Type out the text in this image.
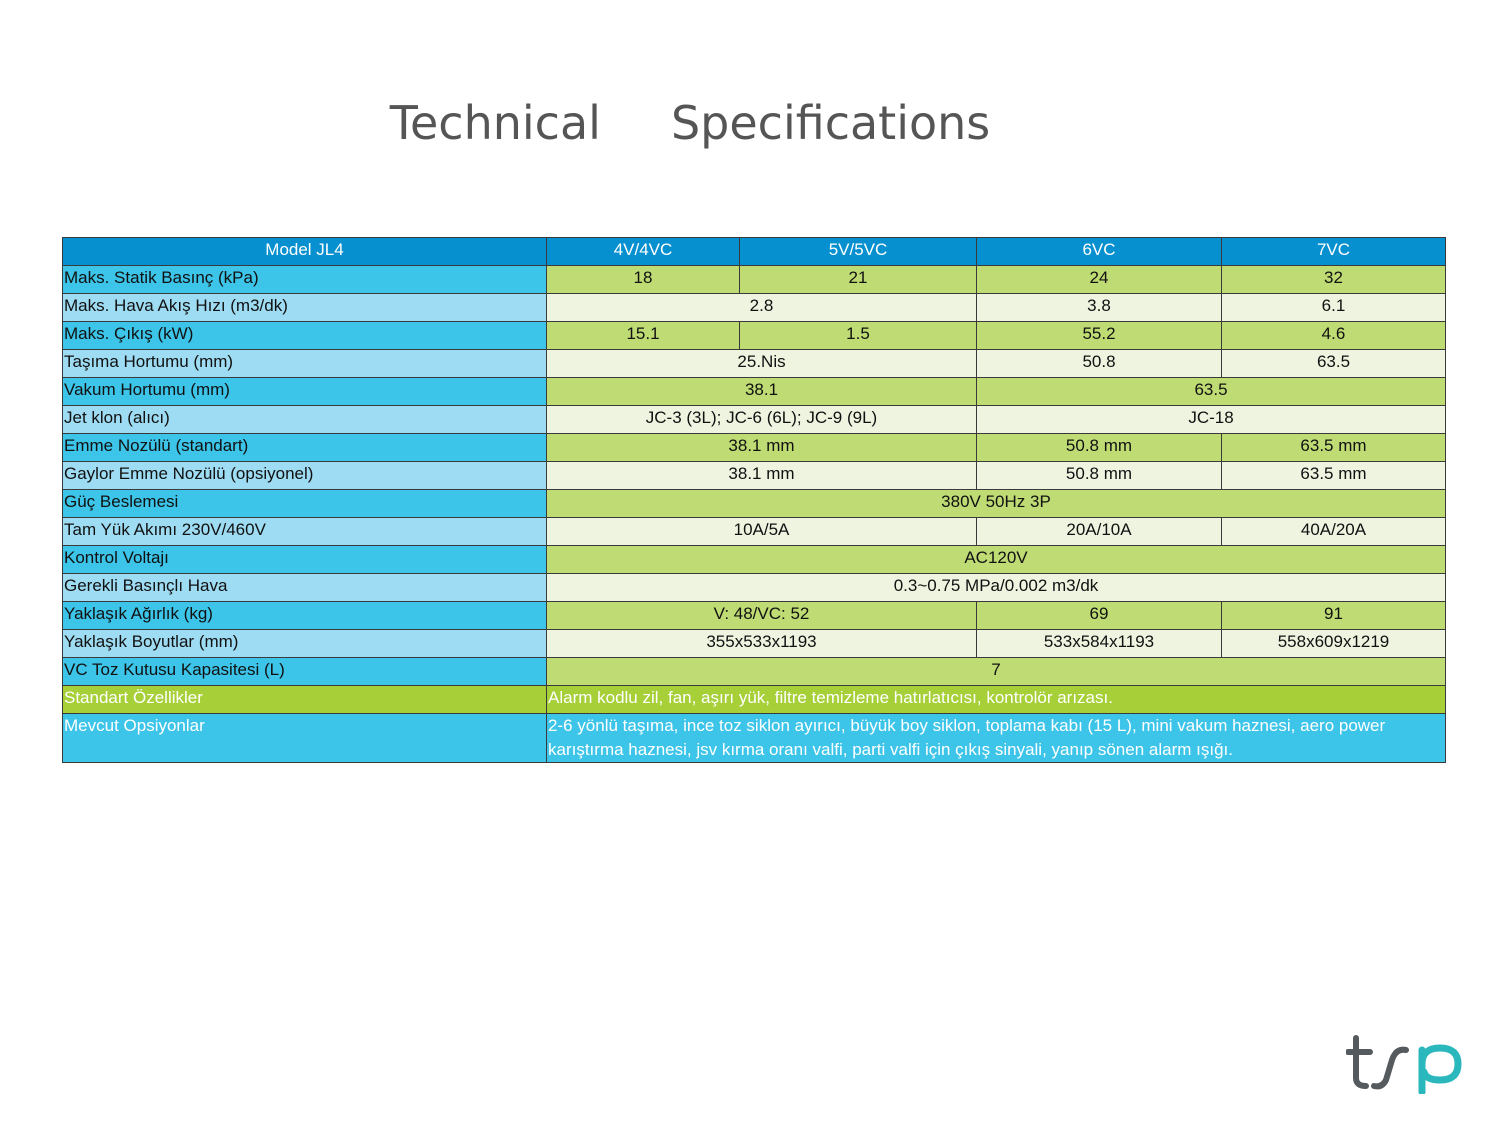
Technical Specifications
Model JL4	4V/4VC	5V/5VC	6VC	7VC
Maks. Statik Basınç (kPa)	18	21	24	32
Maks. Hava Akış Hızı (m3/dk)	2.8		3.8	6.1
Maks. Çıkış (kW)	15.1	1.5	55.2	4.6
Taşıma Hortumu (mm)	25.Nis		50.8	63.5
Vakum Hortumu (mm)	38.1		63.5	
Jet klon (alıcı)	JC-3 (3L); JC-6 (6L); JC-9 (9L)		JC-18	
Emme Nozülü (standart)	38.1 mm		50.8 mm	63.5 mm
Gaylor Emme Nozülü (opsiyonel)	38.1 mm		50.8 mm	63.5 mm
Güç Beslemesi	380V 50Hz 3P			
Tam Yük Akımı 230V/460V	10A/5A		20A/10A	40A/20A
Kontrol Voltajı	AC120V			
Gerekli Basınçlı Hava	0.3~0.75 MPa/0.002 m3/dk			
Yaklaşık Ağırlık (kg)	V: 48/VC: 52		69	91
Yaklaşık Boyutlar (mm)	355x533x1193		533x584x1193	558x609x1219
VC Toz Kutusu Kapasitesi (L)	7			
Standart Özellikler	Alarm kodlu zil, fan, aşırı yük, filtre temizleme hatırlatıcısı, kontrolör arızası.			
Mevcut Opsiyonlar	2-6 yönlü taşıma, ince toz siklon ayırıcı, büyük boy siklon, toplama kabı (15 L), mini vakum haznesi, aero power karıştırma haznesi, jsv kırma oranı valfi, parti valfi için çıkış sinyali, yanıp sönen alarm ışığı.			
